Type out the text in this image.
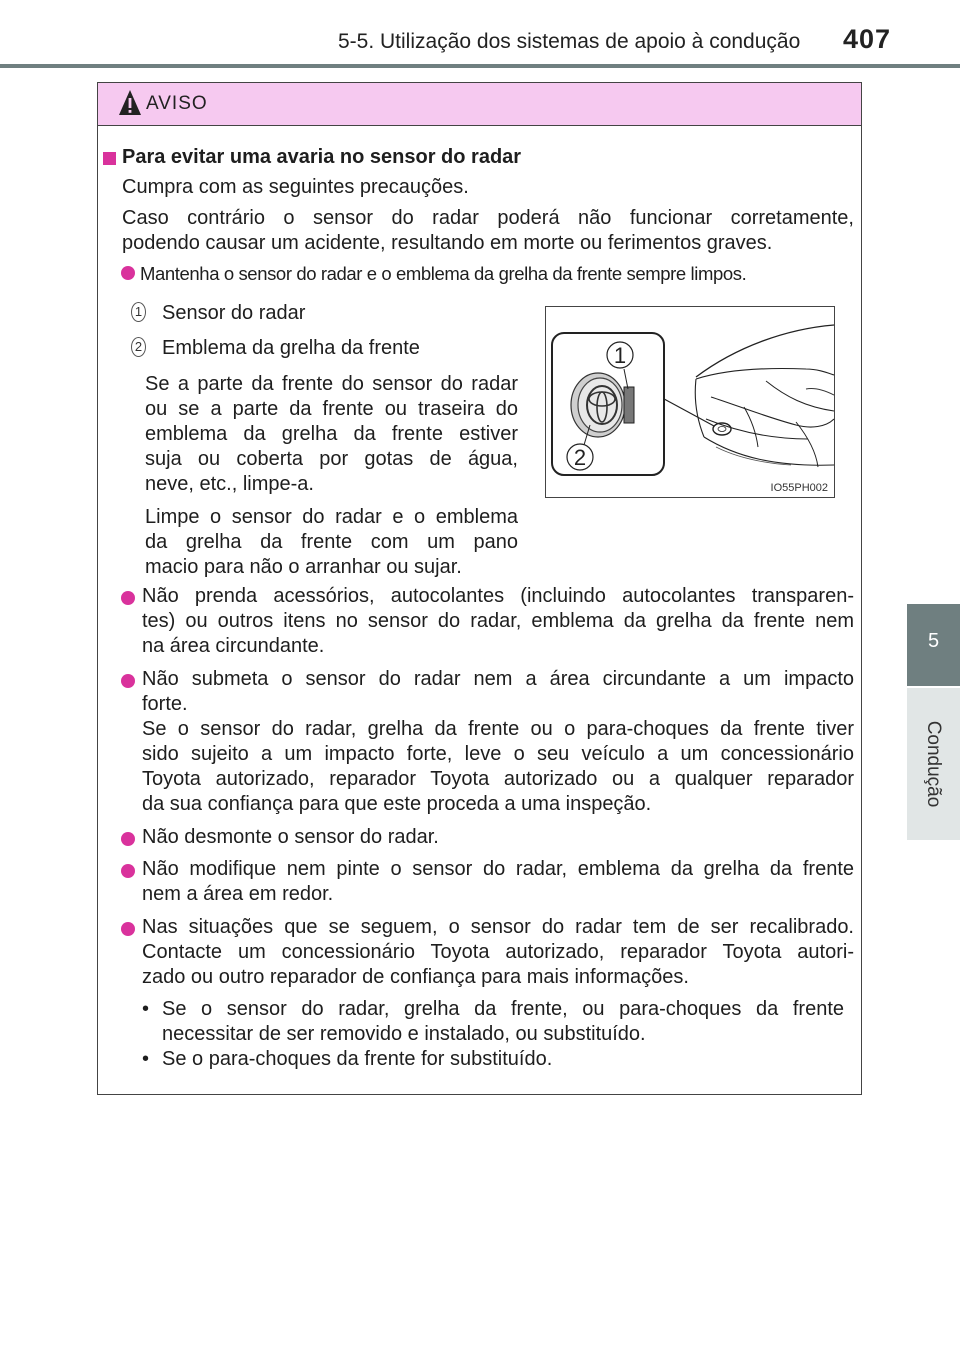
5-5. Utilização dos sistemas de apoio à condução 407
5
Condução
AVISO
Para evitar uma avaria no sensor do radar
Cumpra com as seguintes precauções.
Caso contrário o sensor do radar poderá não funcionar corretamente,
podendo causar um acidente, resultando em morte ou ferimentos graves.
Mantenha o sensor do radar e o emblema da grelha da frente sempre limpos.
1 Sensor do radar
2 Emblema da grelha da frente
Se a parte da frente do sensor do radar
ou se a parte da frente ou traseira do
emblema da grelha da frente estiver
suja ou coberta por gotas de água,
neve, etc., limpe-a.
Limpe o sensor do radar e o emblema
da grelha da frente com um pano
macio para não o arranhar ou sujar.
Não prenda acessórios, autocolantes (incluindo autocolantes transparen-
tes) ou outros itens no sensor do radar, emblema da grelha da frente nem
na área circundante.
Não submeta o sensor do radar nem a área circundante a um impacto
forte.
Se o sensor do radar, grelha da frente ou o para-choques da frente tiver
sido sujeito a um impacto forte, leve o seu veículo a um concessionário
Toyota autorizado, reparador Toyota autorizado ou a qualquer reparador
da sua confiança para que este proceda a uma inspeção.
Não desmonte o sensor do radar.
Não modifique nem pinte o sensor do radar, emblema da grelha da frente
nem a área em redor.
Nas situações que se seguem, o sensor do radar tem de ser recalibrado.
Contacte um concessionário Toyota autorizado, reparador Toyota autori-
zado ou outro reparador de confiança para mais informações.
• Se o sensor do radar, grelha da frente, ou para-choques da frente
necessitar de ser removido e instalado, ou substituído.
• Se o para-choques da frente for substituído.
1
2
IO55PH002
